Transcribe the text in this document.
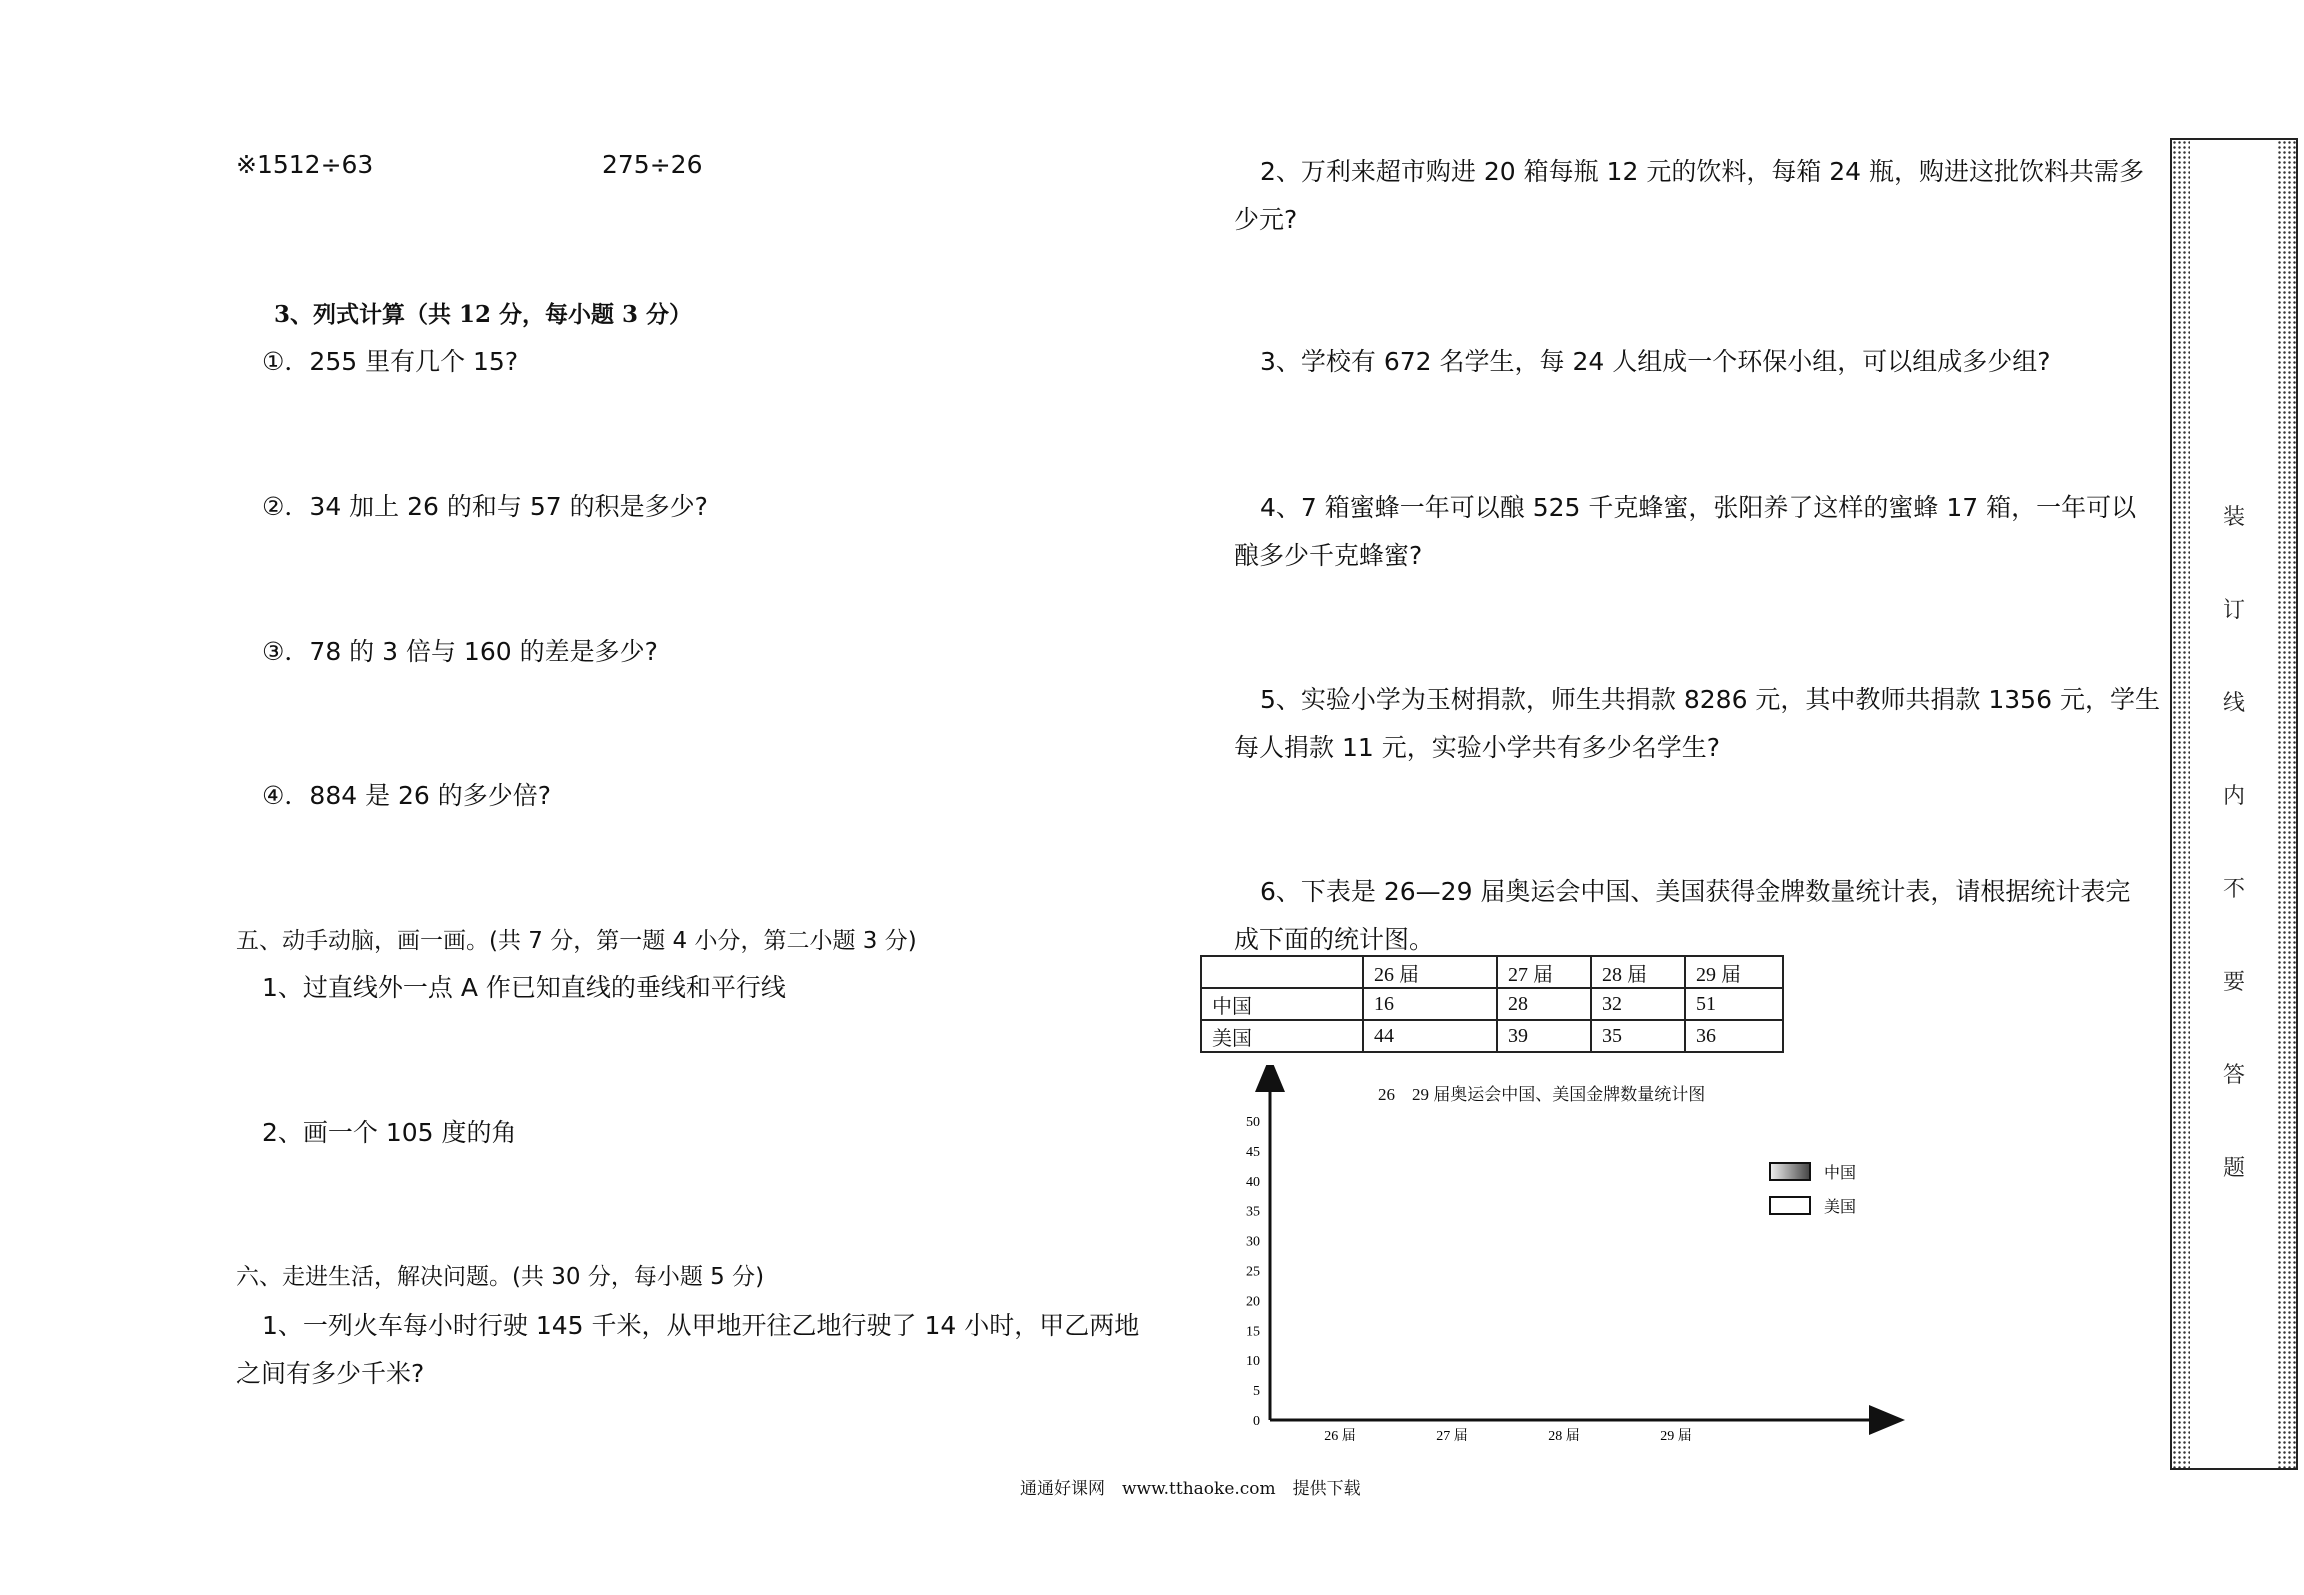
※1512÷63	275÷26
3、列式计算（共 12 分，每小题 3 分）
①．255 里有几个 15?
②．34 加上 26 的和与 57 的积是多少?
③．78 的 3 倍与 160 的差是多少?
④．884 是 26 的多少倍?
五、动手动脑，画一画。(共 7 分，第一题 4 小分，第二小题 3 分)
1、过直线外一点 A 作已知直线的垂线和平行线
2、画一个 105 度的角
六、走进生活，解决问题。(共 30 分，每小题 5 分)
1、一列火车每小时行驶 145 千米，从甲地开往乙地行驶了 14 小时，甲乙两地
之间有多少千米?
2、万利来超市购进 20 箱每瓶 12 元的饮料，每箱 24 瓶，购进这批饮料共需多
少元?
3、学校有 672 名学生，每 24 人组成一个环保小组，可以组成多少组?
4、7 箱蜜蜂一年可以酿 525 千克蜂蜜，张阳养了这样的蜜蜂 17 箱，一年可以
酿多少千克蜂蜜?
5、实验小学为玉树捐款，师生共捐款 8286 元，其中教师共捐款 1356 元，学生
每人捐款 11 元，实验小学共有多少名学生?
6、下表是 26—29 届奥运会中国、美国获得金牌数量统计表，请根据统计表完
成下面的统计图。
	26 届	27 届	28 届	29 届
中国	16	28	32	51
美国	44	39	35	36
26　29 届奥运会中国、美国金牌数量统计图
0
5
10
15
20
25
30
35
40
45
50
26 届	27 届	28 届	29 届
中国
美国
装
订
线
内
不
要
答
题
通通好课网　www.tthaoke.com　提供下载
